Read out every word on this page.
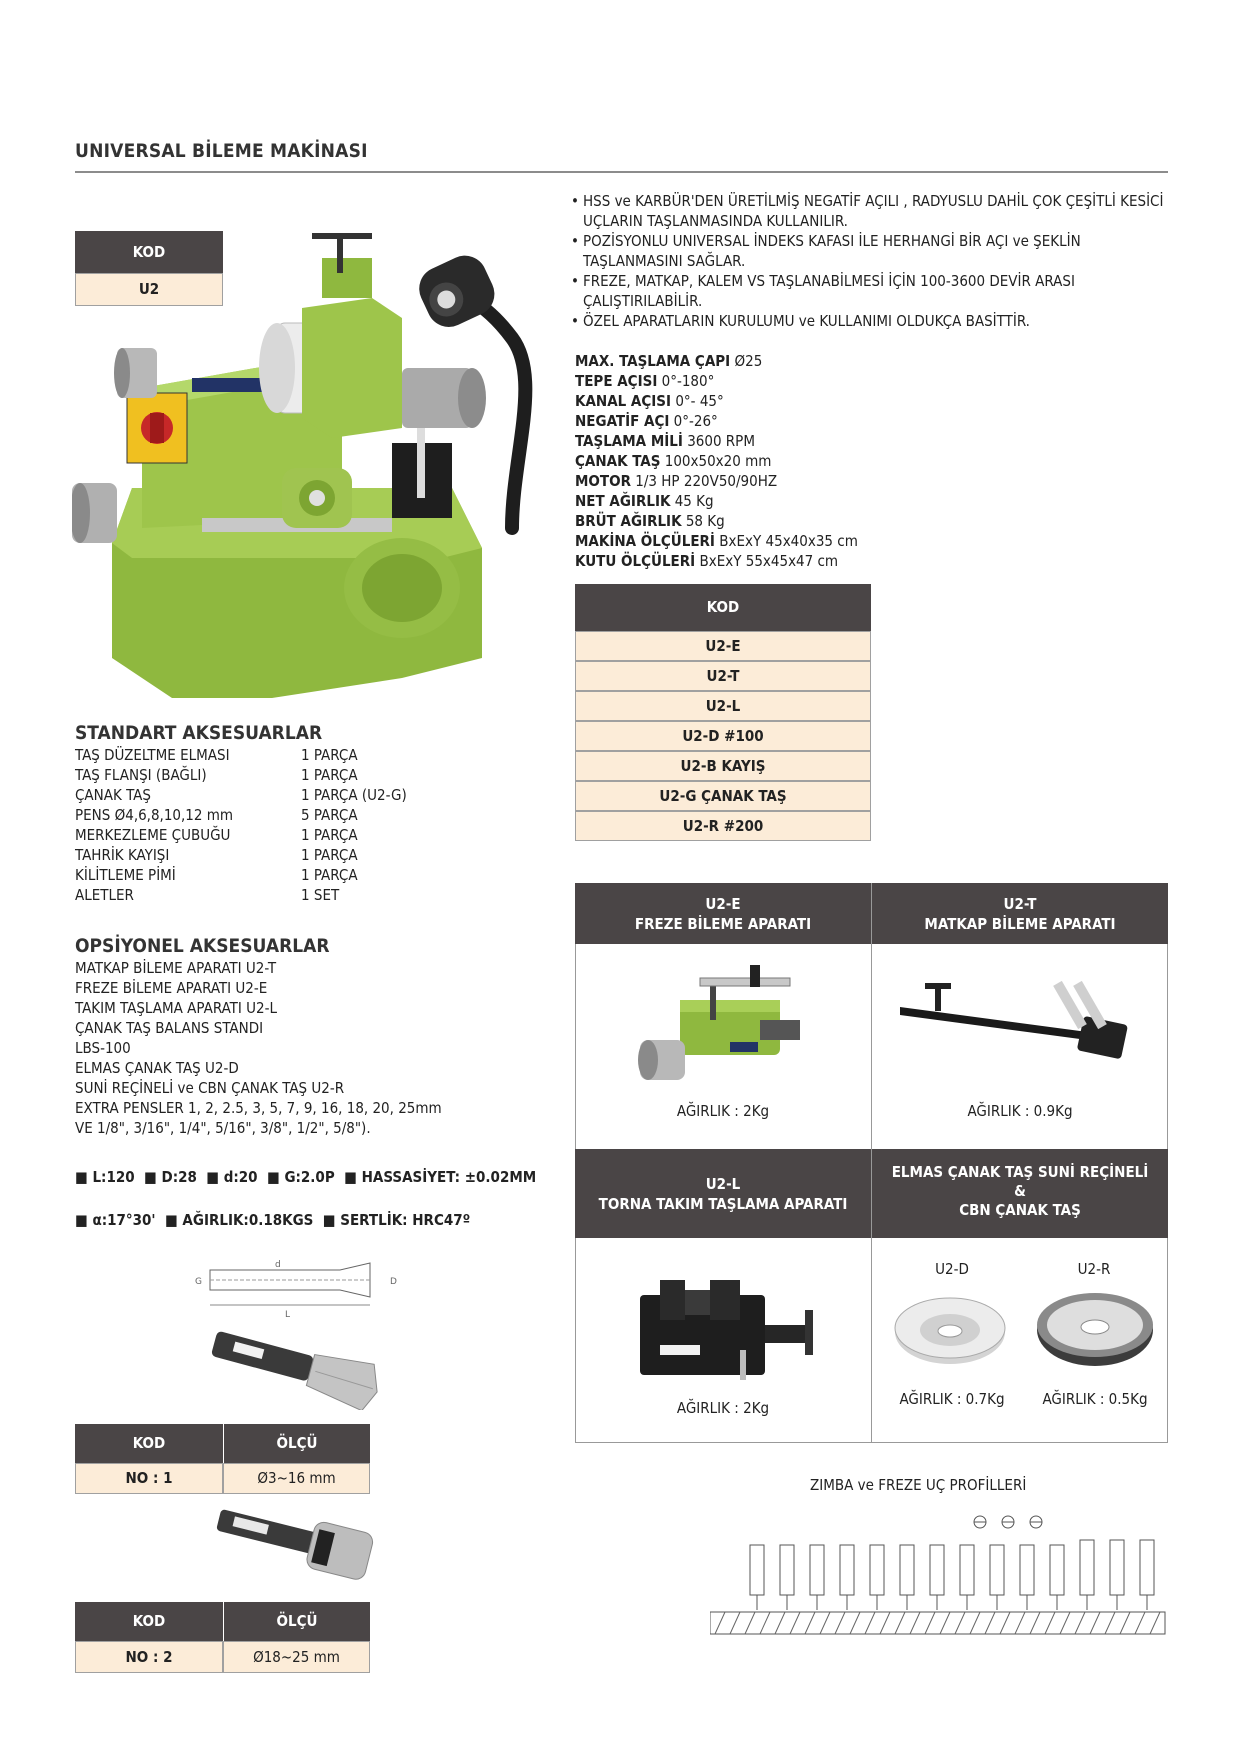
UNIVERSAL BİLEME MAKİNASI
KOD
U2
• HSS ve KARBÜR'DEN ÜRETİLMİŞ NEGATİF AÇILI , RADYUSLU DAHİL ÇOK ÇEŞİTLİ KESİCİ UÇLARIN TAŞLANMASINDA KULLANILIR.
• POZİSYONLU UNIVERSAL İNDEKS KAFASI İLE HERHANGİ BİR AÇI ve ŞEKLİN TAŞLANMASINI SAĞLAR.
• FREZE, MATKAP, KALEM VS TAŞLANABİLMESİ İÇİN 100-3600 DEVİR ARASI ÇALIŞTIRILABİLİR.
• ÖZEL APARATLARIN KURULUMU ve KULLANIMI OLDUKÇA BASİTTİR.
MAX. TAŞLAMA ÇAPI Ø25
TEPE AÇISI 0°-180°
KANAL AÇISI 0°- 45°
NEGATİF AÇI 0°-26°
TAŞLAMA MİLİ 3600 RPM
ÇANAK TAŞ 100x50x20 mm
MOTOR 1/3 HP 220V50/90HZ
NET AĞIRLIK 45 Kg
BRÜT AĞIRLIK 58 Kg
MAKİNA ÖLÇÜLERİ BxExY 45x40x35 cm
KUTU ÖLÇÜLERİ BxExY 55x45x47 cm
KOD
U2-E
U2-T
U2-L
U2-D #100
U2-B KAYIŞ
U2-G ÇANAK TAŞ
U2-R #200
STANDART AKSESUARLAR
TAŞ DÜZELTME ELMASI	1 PARÇA
TAŞ FLANŞI (BAĞLI)	1 PARÇA
ÇANAK TAŞ	1 PARÇA (U2-G)
PENS Ø4,6,8,10,12 mm	5 PARÇA
MERKEZLEME ÇUBUĞU	1 PARÇA
TAHRİK KAYIŞI	1 PARÇA
KİLİTLEME PİMİ	1 PARÇA
ALETLER	1 SET
OPSİYONEL AKSESUARLAR
MATKAP BİLEME APARATI U2-T
FREZE BİLEME APARATI U2-E
TAKIM TAŞLAMA APARATI U2-L
ÇANAK TAŞ BALANS STANDI
LBS-100
ELMAS ÇANAK TAŞ U2-D
SUNİ REÇİNELİ ve CBN ÇANAK TAŞ U2-R
EXTRA PENSLER 1, 2, 2.5, 3, 5, 7, 9, 16, 18, 20, 25mm
VE 1/8", 3/16", 1/4", 5/16", 3/8", 1/2", 5/8").
■ L:120  ■ D:28  ■ d:20  ■ G:2.0P  ■ HASSASİYET: ±0.02MM
■ α:17°30'  ■ AĞIRLIK:0.18KGS  ■ SERTLİK: HRC47º
G
d
D
L
KOD	ÖLÇÜ
NO : 1	Ø3~16 mm
KOD	ÖLÇÜ
NO : 2	Ø18~25 mm
U2-E
FREZE BİLEME APARATI
U2-T
MATKAP BİLEME APARATI
AĞIRLIK : 2Kg	AĞIRLIK : 0.9Kg
U2-L
TORNA TAKIM TAŞLAMA APARATI
ELMAS ÇANAK TAŞ SUNİ REÇİNELİ
&
CBN ÇANAK TAŞ
AĞIRLIK : 2Kg
U2-D	U2-R
AĞIRLIK : 0.7Kg	AĞIRLIK : 0.5Kg
ZIMBA ve FREZE UÇ PROFİLLERİ
